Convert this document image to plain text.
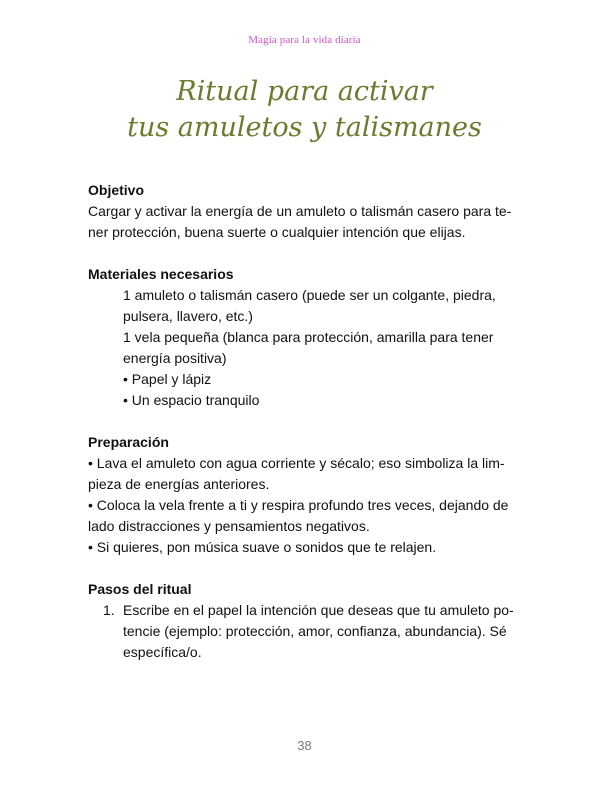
Magia para la vida diaria
Ritual para activar
tus amuletos y talismanes

Objetivo

Cargar y activar la energía de un amuleto o talismán casero para te-

ner protección, buena suerte o cualquier intención que elijas.

Materiales necesarios

1 amuleto o talismán casero (puede ser un colgante, piedra,

pulsera, llavero, etc.)

1 vela pequeña (blanca para protección, amarilla para tener

energía positiva)

• Papel y lápiz

• Un espacio tranquilo

Preparación

• Lava el amuleto con agua corriente y sécalo; eso simboliza la lim-

pieza de energías anteriores.

• Coloca la vela frente a ti y respira profundo tres veces, dejando de

lado distracciones y pensamientos negativos.

• Si quieres, pon música suave o sonidos que te relajen.

Pasos del ritual

1. Escribe en el papel la intención que deseas que tu amuleto po-

tencie (ejemplo: protección, amor, confianza, abundancia). Sé

específica/o.

38
